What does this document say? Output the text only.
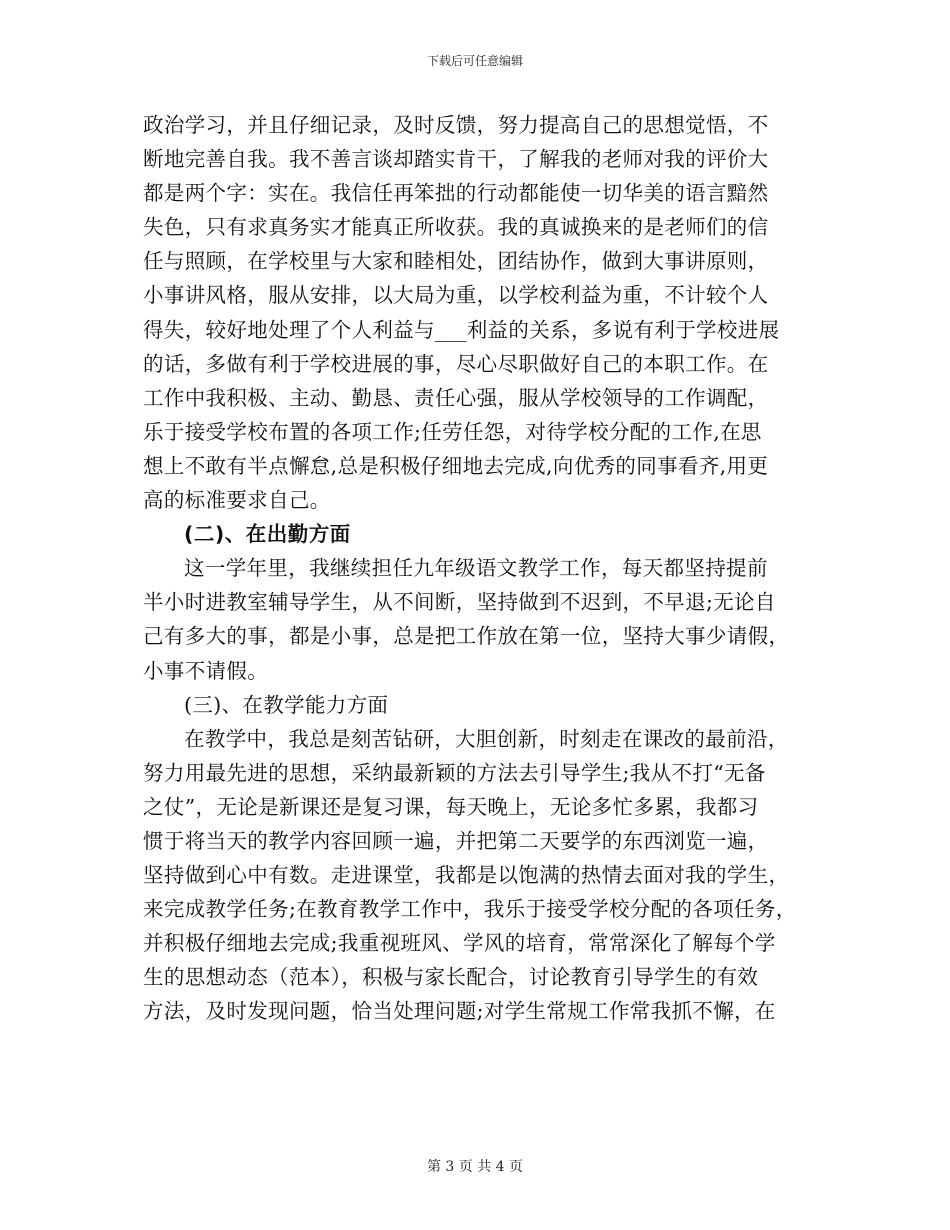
下载后可任意编辑
政治学习，并且仔细记录，及时反馈，努力提高自己的思想觉悟，不
断地完善自我。我不善言谈却踏实肯干，了解我的老师对我的评价大
都是两个字：实在。我信任再笨拙的行动都能使一切华美的语言黯然
失色，只有求真务实才能真正所收获。我的真诚换来的是老师们的信
任与照顾，在学校里与大家和睦相处，团结协作，做到大事讲原则，
小事讲风格，服从安排，以大局为重，以学校利益为重，不计较个人
得失，较好地处理了个人利益与___利益的关系，多说有利于学校进展
的话，多做有利于学校进展的事，尽心尽职做好自己的本职工作。在
工作中我积极、主动、勤恳、责任心强，服从学校领导的工作调配，
乐于接受学校布置的各项工作;任劳任怨，对待学校分配的工作,在思
想上不敢有半点懈怠,总是积极仔细地去完成,向优秀的同事看齐,用更
高的标准要求自己。
(二)、在出勤方面
这一学年里，我继续担任九年级语文教学工作，每天都坚持提前
半小时进教室辅导学生，从不间断，坚持做到不迟到，不早退;无论自
己有多大的事，都是小事，总是把工作放在第一位，坚持大事少请假，
小事不请假。
(三)、在教学能力方面
在教学中，我总是刻苦钻研，大胆创新，时刻走在课改的最前沿，
努力用最先进的思想，采纳最新颖的方法去引导学生;我从不打“无备
之仗”，无论是新课还是复习课，每天晚上，无论多忙多累，我都习
惯于将当天的教学内容回顾一遍，并把第二天要学的东西浏览一遍，
坚持做到心中有数。走进课堂，我都是以饱满的热情去面对我的学生，
来完成教学任务;在教育教学工作中，我乐于接受学校分配的各项任务，
并积极仔细地去完成;我重视班风、学风的培育，常常深化了解每个学
生的思想动态（范本），积极与家长配合，讨论教育引导学生的有效
方法，及时发现问题，恰当处理问题;对学生常规工作常我抓不懈，在
第 3 页 共 4 页
